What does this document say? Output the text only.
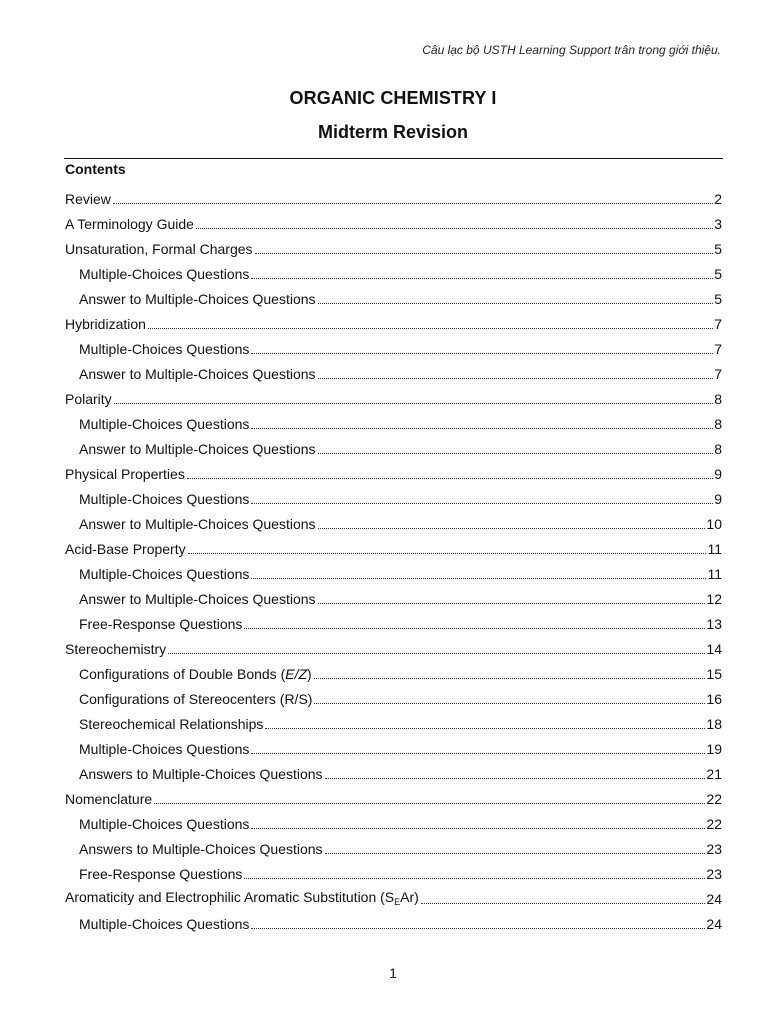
Câu lạc bộ USTH Learning Support trân trọng giới thiệu.
ORGANIC CHEMISTRY I
Midterm Revision
Contents
Review	2
A Terminology Guide	3
Unsaturation, Formal Charges	5
Multiple-Choices Questions	5
Answer to Multiple-Choices Questions	5
Hybridization	7
Multiple-Choices Questions	7
Answer to Multiple-Choices Questions	7
Polarity	8
Multiple-Choices Questions	8
Answer to Multiple-Choices Questions	8
Physical Properties	9
Multiple-Choices Questions	9
Answer to Multiple-Choices Questions	10
Acid-Base Property	11
Multiple-Choices Questions	11
Answer to Multiple-Choices Questions	12
Free-Response Questions	13
Stereochemistry	14
Configurations of Double Bonds (E/Z)	15
Configurations of Stereocenters (R/S)	16
Stereochemical Relationships	18
Multiple-Choices Questions	19
Answers to Multiple-Choices Questions	21
Nomenclature	22
Multiple-Choices Questions	22
Answers to Multiple-Choices Questions	23
Free-Response Questions	23
Aromaticity and Electrophilic Aromatic Substitution $(S_EAr)$	24
Multiple-Choices Questions	24
1
